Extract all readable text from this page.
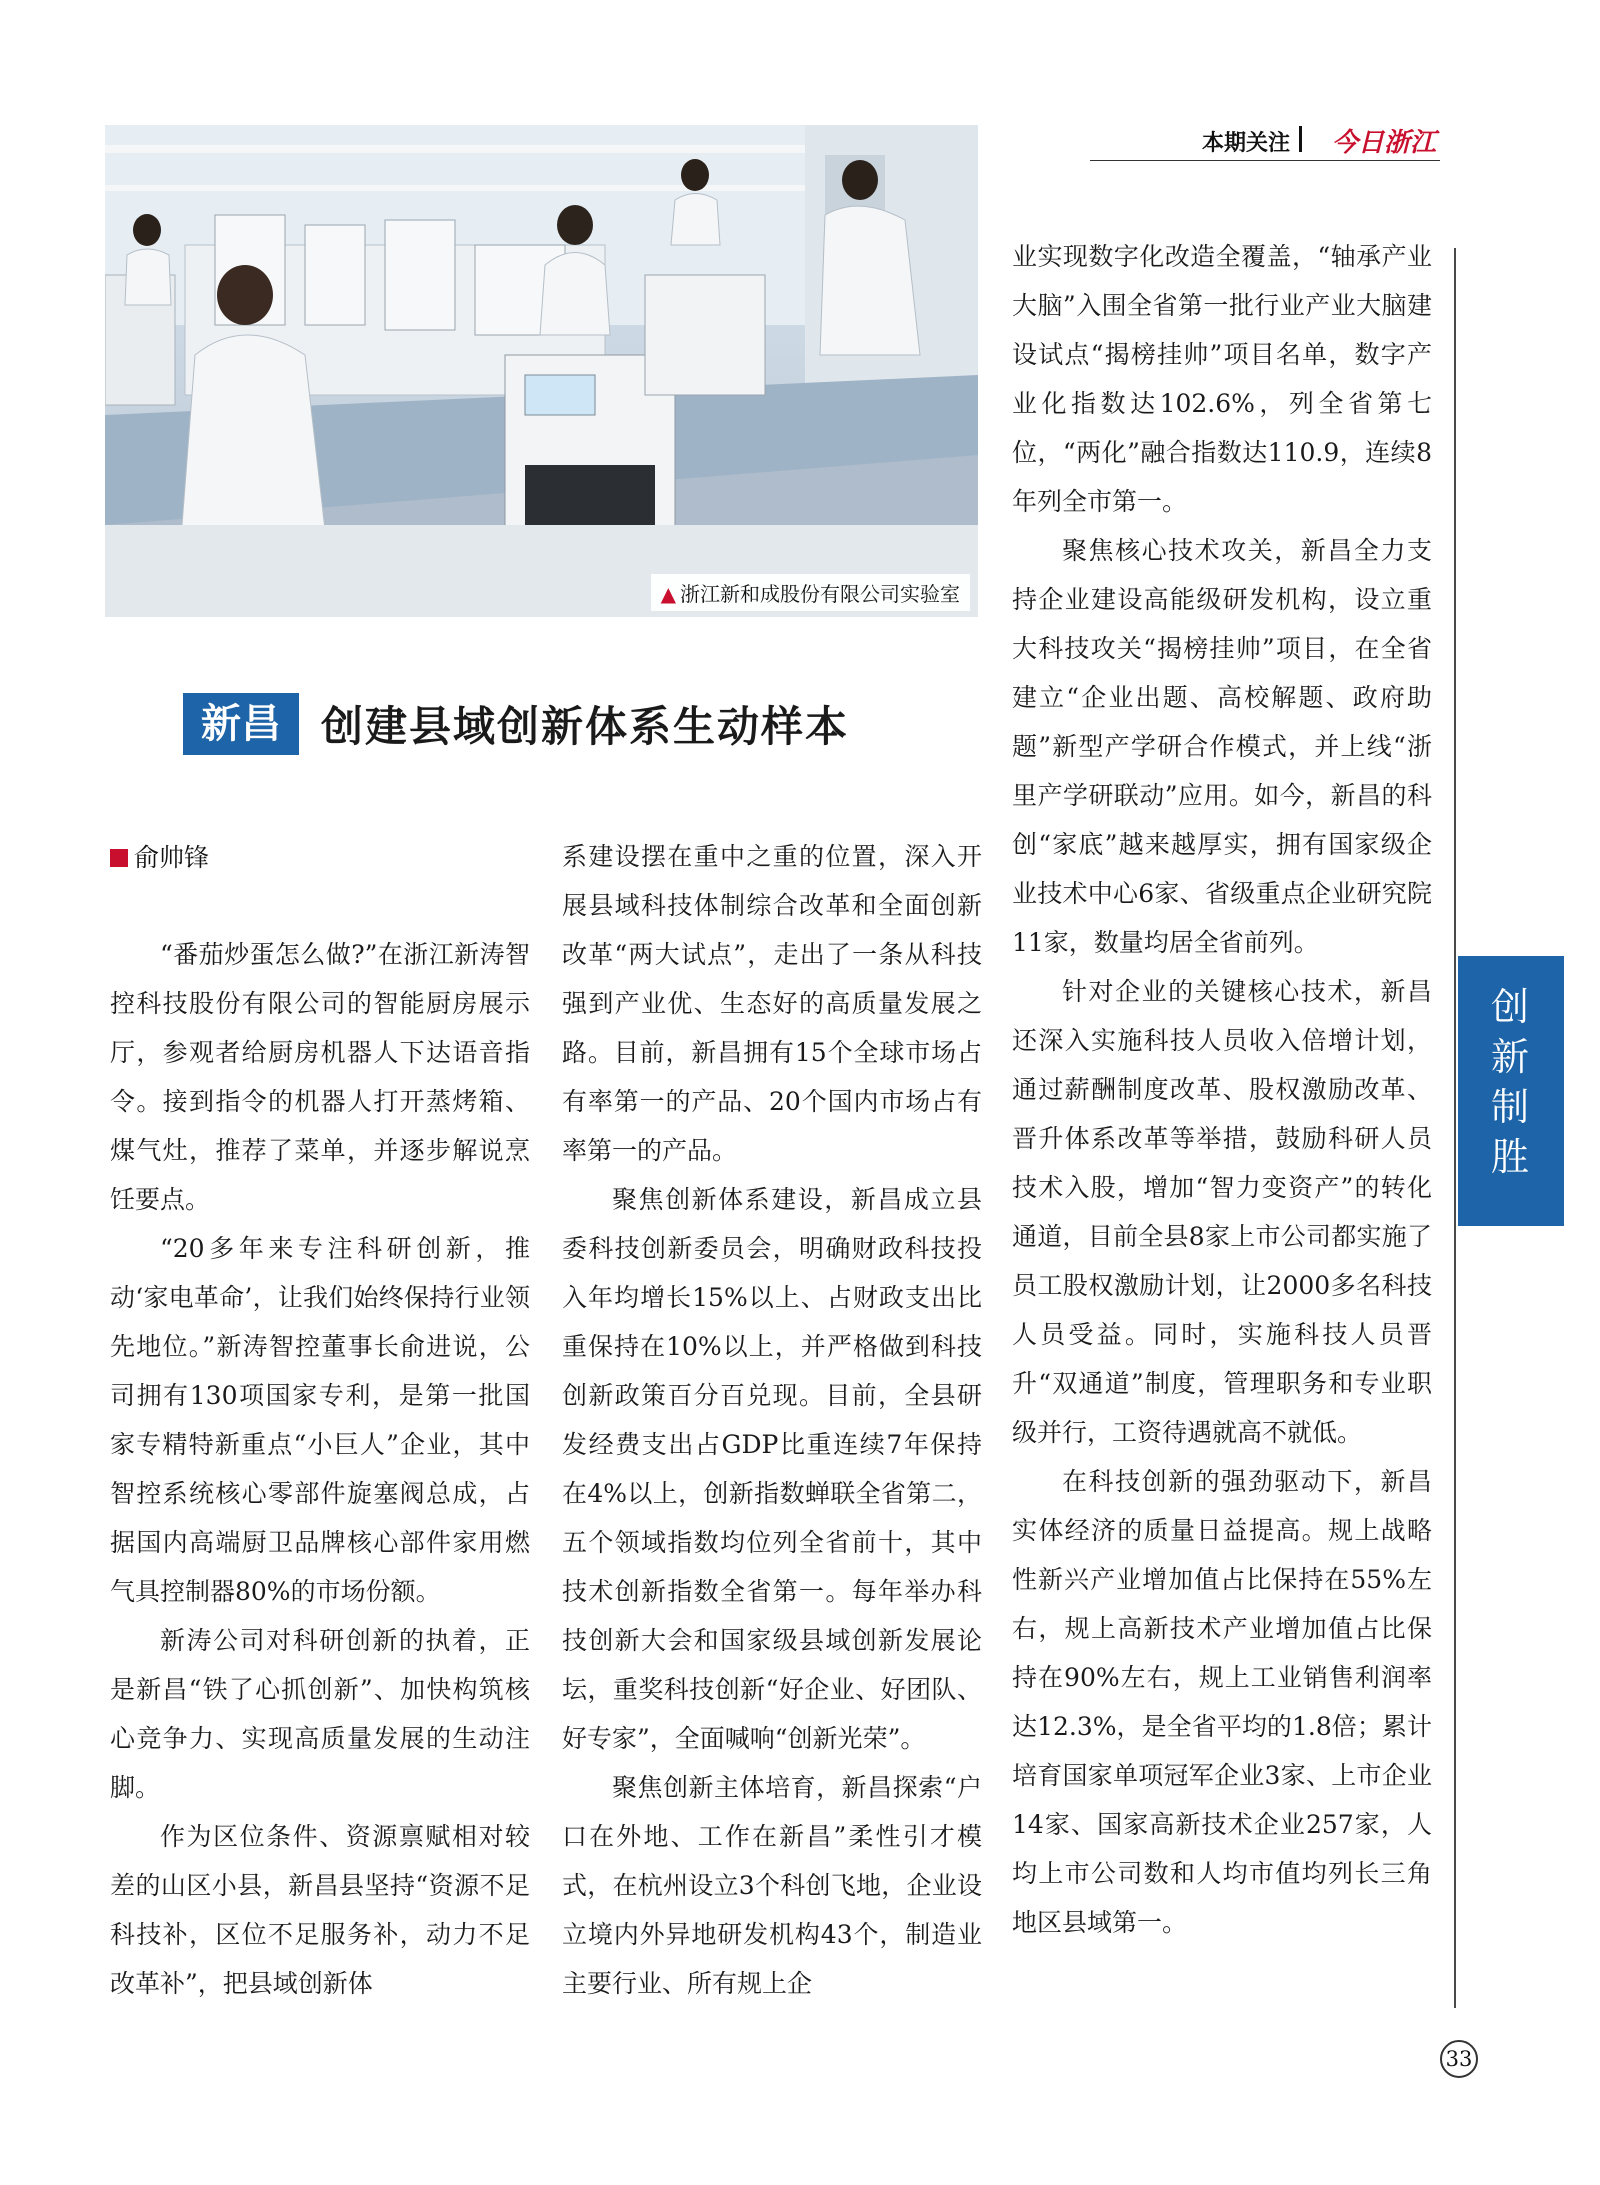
▲ 浙江新和成股份有限公司实验室
本期关注 今日浙江
创
新
制
胜
新昌 创建县域创新体系生动样本
俞帅锋

“番茄炒蛋怎么做?”在浙江新涛智控科技股份有限公司的智能厨房展示厅，参观者给厨房机器人下达语音指令。接到指令的机器人打开蒸烤箱、煤气灶，推荐了菜单，并逐步解说烹饪要点。

“20多年来专注科研创新，推动‘家电革命’，让我们始终保持行业领先地位。”新涛智控董事长俞进说，公司拥有130项国家专利，是第一批国家专精特新重点“小巨人”企业，其中智控系统核心零部件旋塞阀总成，占据国内高端厨卫品牌核心部件家用燃气具控制器80%的市场份额。

新涛公司对科研创新的执着，正是新昌“铁了心抓创新”、加快构筑核心竞争力、实现高质量发展的生动注脚。

作为区位条件、资源禀赋相对较差的山区小县，新昌县坚持“资源不足科技补，区位不足服务补，动力不足改革补”，把县域创新体

系建设摆在重中之重的位置，深入开展县域科技体制综合改革和全面创新改革“两大试点”，走出了一条从科技强到产业优、生态好的高质量发展之路。目前，新昌拥有15个全球市场占有率第一的产品、20个国内市场占有率第一的产品。

聚焦创新体系建设，新昌成立县委科技创新委员会，明确财政科技投入年均增长15%以上、占财政支出比重保持在10%以上，并严格做到科技创新政策百分百兑现。目前，全县研发经费支出占GDP比重连续7年保持在4%以上，创新指数蝉联全省第二，五个领域指数均位列全省前十，其中技术创新指数全省第一。每年举办科技创新大会和国家级县域创新发展论坛，重奖科技创新“好企业、好团队、好专家”，全面喊响“创新光荣”。

聚焦创新主体培育，新昌探索“户口在外地、工作在新昌”柔性引才模式，在杭州设立3个科创飞地，企业设立境内外异地研发机构43个，制造业主要行业、所有规上企

业实现数字化改造全覆盖，“轴承产业大脑”入围全省第一批行业产业大脑建设试点“揭榜挂帅”项目名单，数字产业化指数达102.6%，列全省第七位，“两化”融合指数达110.9，连续8年列全市第一。

聚焦核心技术攻关，新昌全力支持企业建设高能级研发机构，设立重大科技攻关“揭榜挂帅”项目，在全省建立“企业出题、高校解题、政府助题”新型产学研合作模式，并上线“浙里产学研联动”应用。如今，新昌的科创“家底”越来越厚实，拥有国家级企业技术中心6家、省级重点企业研究院11家，数量均居全省前列。

针对企业的关键核心技术，新昌还深入实施科技人员收入倍增计划，通过薪酬制度改革、股权激励改革、晋升体系改革等举措，鼓励科研人员技术入股，增加“智力变资产”的转化通道，目前全县8家上市公司都实施了员工股权激励计划，让2000多名科技人员受益。同时，实施科技人员晋升“双通道”制度，管理职务和专业职级并行，工资待遇就高不就低。

在科技创新的强劲驱动下，新昌实体经济的质量日益提高。规上战略性新兴产业增加值占比保持在55%左右，规上高新技术产业增加值占比保持在90%左右，规上工业销售利润率达12.3%，是全省平均的1.8倍；累计培育国家单项冠军企业3家、上市企业14家、国家高新技术企业257家，人均上市公司数和人均市值均列长三角地区县域第一。

33
